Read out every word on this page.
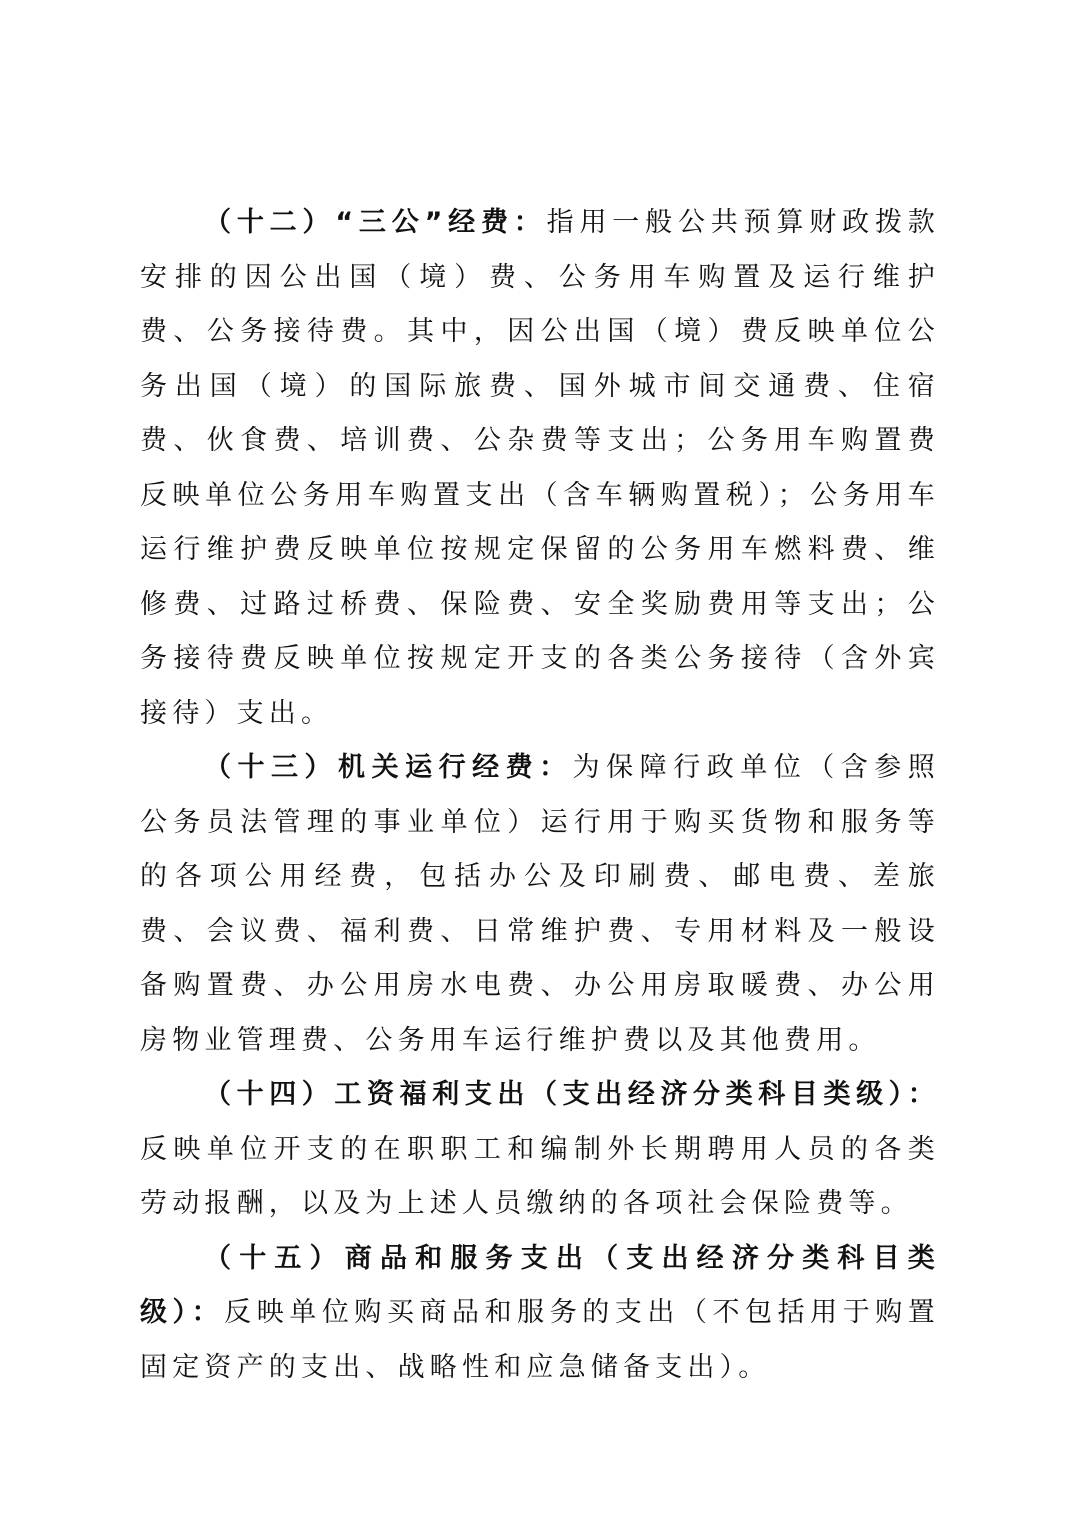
（十二）“三公”经费：指用一般公共预算财政拨款安排的因公出国（境）费、公务用车购置及运行维护费、公务接待费。其中，因公出国（境）费反映单位公务出国（境）的国际旅费、国外城市间交通费、住宿费、伙食费、培训费、公杂费等支出；公务用车购置费反映单位公务用车购置支出（含车辆购置税）；公务用车运行维护费反映单位按规定保留的公务用车燃料费、维修费、过路过桥费、保险费、安全奖励费用等支出；公务接待费反映单位按规定开支的各类公务接待（含外宾接待）支出。

（十三）机关运行经费：为保障行政单位（含参照公务员法管理的事业单位）运行用于购买货物和服务等的各项公用经费，包括办公及印刷费、邮电费、差旅费、会议费、福利费、日常维护费、专用材料及一般设备购置费、办公用房水电费、办公用房取暖费、办公用房物业管理费、公务用车运行维护费以及其他费用。

（十四）工资福利支出（支出经济分类科目类级）：反映单位开支的在职职工和编制外长期聘用人员的各类劳动报酬，以及为上述人员缴纳的各项社会保险费等。

（十五）商品和服务支出（支出经济分类科目类级）：反映单位购买商品和服务的支出（不包括用于购置固定资产的支出、战略性和应急储备支出）。
